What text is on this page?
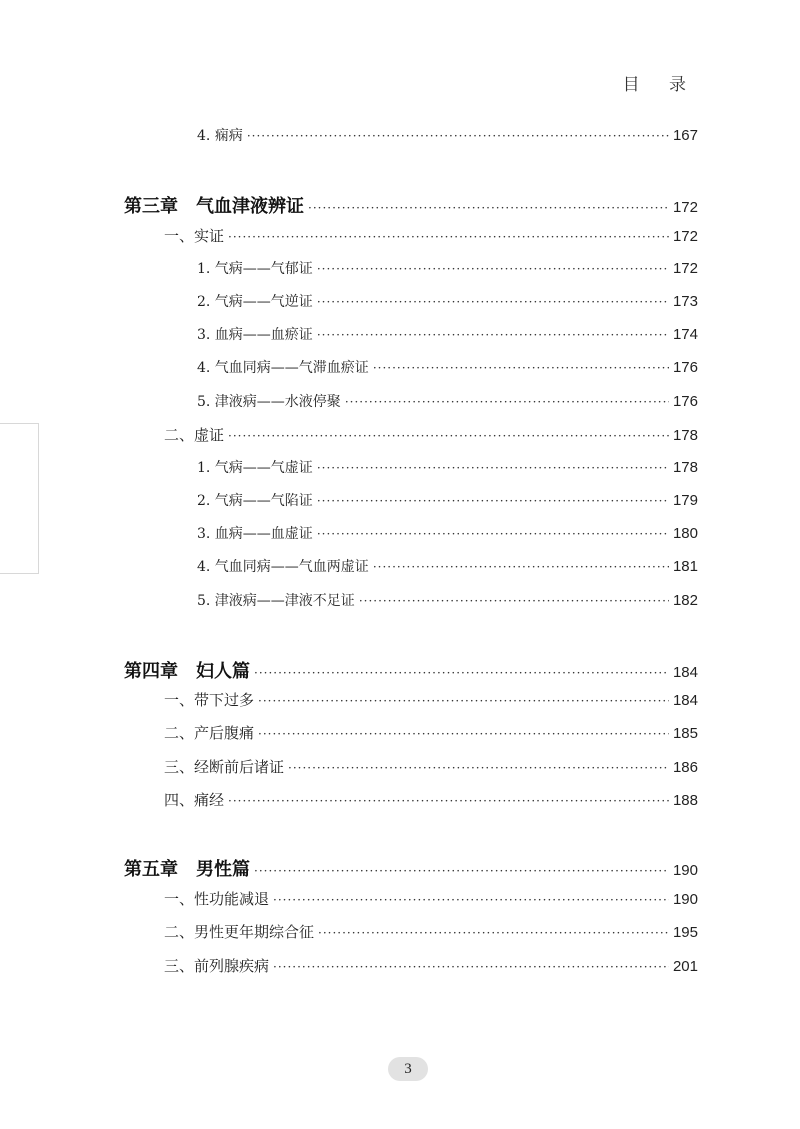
目 录
4. 痫病 ·····	167
第三章　气血津液辨证 ·····	172
一、实证 ·····	172
1. 气病——气郁证 ·····	172
2. 气病——气逆证 ·····	173
3. 血病——血瘀证 ·····	174
4. 气血同病——气滞血瘀证 ·····	176
5. 津液病——水液停聚 ·····	176
二、虚证 ·····	178
1. 气病——气虚证 ·····	178
2. 气病——气陷证 ·····	179
3. 血病——血虚证 ·····	180
4. 气血同病——气血两虚证 ·····	181
5. 津液病——津液不足证 ·····	182
第四章　妇人篇 ·····	184
一、带下过多 ·····	184
二、产后腹痛 ·····	185
三、经断前后诸证 ·····	186
四、痛经 ·····	188
第五章　男性篇 ·····	190
一、性功能减退 ·····	190
二、男性更年期综合征 ·····	195
三、前列腺疾病 ·····	201
3
